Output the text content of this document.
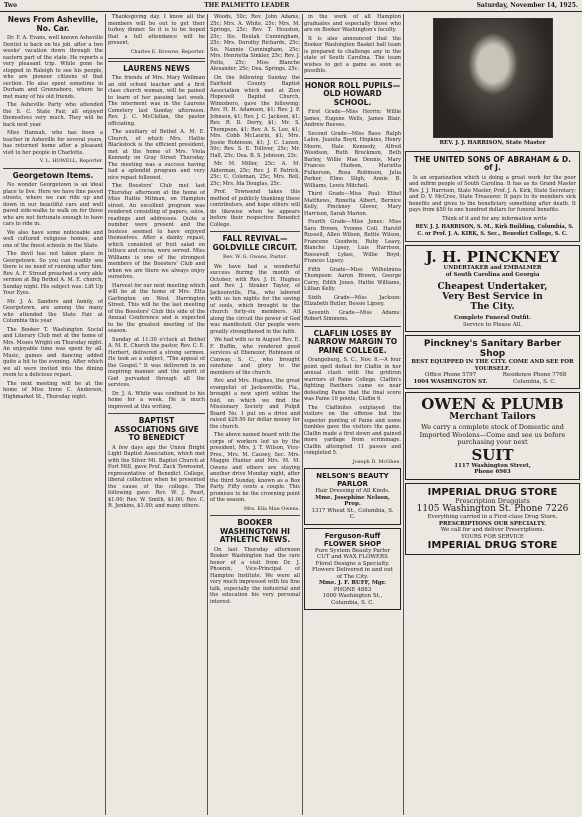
Two	THE PALMETTO LEADER	Saturday, November 14, 1925.
News From Asheville, No. Car.

Dr. F. A. Evans, well known Asheville Dentist is back on his job, after a two weeks' vacation down through the eastern part of the state. He reports a very pleasant trip. While gone he stopped in Raleigh to see his people, who are pioneer citizens of that section. He also spent sometime in Durham and Greensboro, where he met many of his old friends.

The Asheville Party who attended the S. C. State Fair, all enjoyed themselves very much. They will be back next year.

Miss Hannah, who has been a teacher in Asheville for several years, has returned home after a pleasant visit to her people in Charlotte.

V. L. HOWELL, Reporter.
Georgetown Items.

No wonder Georgetown is an ideal place to live. Here we have fine paved streets, where we can ride up and down in our beautiful cars and well paved side-walks to walk on for those who are not fortunate enough to have cars to ride in.

We also have some noticeable and well cultured religious homes, and one of the finest schools in the State.

The devil has not taken place in Georgetown. So you can readily see there is no need of running after him. Rev. A. F. Stroud preached a very able sermon at Big Bethel A. M. E. church, Sunday night. His subject was: Lift Up Your Eyes.

Mr. J. A. Sanders and family, of Georgetown, are among the many who attended the State Fair at Columbia this year.

The Booker T. Washington Social and Literary Club met at the home of Mrs. Moses Wright on Thursday night. An enjoyable time was spent by all. Music, games and dancing added quite a bit to the evening. After which we all were invited into the dining room to a delicious repast.

The next meeting will be at the home of Miss Irene C. Anderson, Highmarket St., Thursday night.

Thanksgiving day. I know all the members will be out to get their turkey dinner. So it is to be hoped that a full attendance will be present.

Charles E. Browne, Reporter.
LAURENS NEWS

The friends of Mrs. Mary Wellman an old school teacher and a first class church woman, will be pained to learn of her passing last week. The interment was in the Laurens Cemetery last Sunday afternoon. Rev. J. C. McClellan, the pastor officiating.

The auxiliary of Bethel A. M. E. Church, of which Mrs. Hattie Blackstock is the efficient president, met at the home of Mrs. Viola Kennedy on Gray Street Thursday. The meeting was a success having had a splendid program and very nice repast followed.

The Boosters' Club met last Thursday afternoon at the home of Miss Hattie Mitman, on Hampton street. An excellent program was rendered consisting of papers, solos, readings and addresses. Quite a number were present and the hostess seemed to have enjoyed themselves. After a dainty repast, which consisted of fruit salad on lettuce and cocoa, were served. Miss Williams is one of the strongest members of the Boosters' Club and when we are there we always enjoy ourselves.

Harvest for our next meeting which will be at the home of Mrs. Etta Garlington on West Harrington Street. This will be the last meeting of the Boosters' Club this side of the Annual Conference and is expected to be the greatest meeting of the season.

Sunday at 11:30 o'clock at Bethel A. M. E. Church the pastor, Rev. C. E. Herbert, delivered a strong sermon. He took as a subject, "The appeal of the Gospel." It was delivered in an inspiring manner and the spirit of God pervaded through all the services.

Dr. J. A. White was confined to his home for a week. He is much improved at this writing.

BAPTIST ASSOCIATIONS GIVE TO BENEDICT

A few days ago the Union Bright Light Baptist Association, which met with the Silver Mt. Baptist Church at Fort Mill, gave Prof. Zack Townsend, representative of Benedict College, liberal collection when he presented the cause of the college. The following gave: Rev. W. J. Pearl, $1.00; Rev. W. Smith, $1.00; Rev. C. R. Jenkins, $1.00; and many others.

Woods, 50c; Rev. John Adams, 25c; Mrs. A. White, 25c; Mrs. M. Springs, 25c; Rev. T. Houston, 25c; Sis. Beulah Cunningham, 25c; Mrs. Dorothy Richards, 25c; Sis. Nannie Cunningham, 25c; Mrs. Henrietta Sinkler, 25c; Rev. J. Potts, 25c; Miss Blanche Alexander, 25c; Dea. Springs, 25c.

On the following Sunday the Fairfield County Baptist Association which met at Zion Hopewell Baptist Church, Winnsboro, gave the following: Rev. H. H. Adamson, $1; Rev. J. P. Johnson, $1; Rev. J. C. Jackson, $1; Rev. R. D. Derry, $1; Mr. S. Thompson, $1; Rev. A. S. Lee, $1; Mrs. Cobb McLaurin, $1; Mrs. Jessie Robinson, $1; J. C. Lunen, 50c; Rev. S. E. Tolliver, 25c; Mr. Hall, 25c; Dea. B. S. Johnson, 25c.

Mr. M. Miller, 25c; A. M. Alderman, 25c; Rev. J. P. Patrick, 25c; C. Coleman, 25c; Mrs. Bell, 25c; Mrs. Ida Douglas, 25c.

Prof. Townsend takes this method of publicly thanking these contributors, and hope others will do likewise when he appears before their respective Benedict College.

FALL REVIVAL—GOLDVILLE CIRCUIT.
Rev. W. G. Owens, Pastor.

We have had a wonderful success during the month of October, with Rev. J. H. Hughes and Rev. J. Straker Taylor, of Jacksonville, Fla., who labored with us ten nights for the saving of souls, which brought to the church forty-six members. All along the circuit the power of God was manifested. Our people were greatly strengthened in the faith.

We had with us in August Rev. E. F. Buffin, who rendered good services at Ebenezer, Robinson of Conway, S. C., who brought sunshine and glory to the members of the church.

Rev. and Mrs. Hughes, the great evangelist of Jacksonville, Fla., brought a new spirit within the fold, on which we find the Missionary Society and Pulpit Board No. 1 put on a drive and raised $29.50 for dollar money for the church.

The above named board with the corps of workers led us by the president, Mrs. J. T. Wilson, Vice-Pres., Mrs. M. Causey, Sec. Mrs. Maggie Hunter and Mrs. M. M. Owens and others are staying another drive Monday night, after the third Sunday, known as a Box Party. Fifty cents a couple. This promises to be the crowning point of the season.

Mrs. Ella Mae Owens.
BOOKER WASHINGTON HI ATHLETIC NEWS.

On last Thursday afternoon Booker Washington had the rare honor of a visit from Dr. J. Phoenix, Vice-Principal of Hampton Institute. We were all very much impressed with his fine talk, especially the industrial and the education his very personal interest.

in the work of all Hampton graduates and especially those who are on Booker Washington's faculty.

It is also announced that the Booker Washington Basket ball team is prepared to challenge any in the state of South Carolina. The team wishes to get a game as soon as possible.

HONOR ROLL PUPILS—OLD HOWARD SCHOOL.

First Grade—Miss Herrin: Willie James, Eugene Wells, James Blair, Andrew Reeves.

Second Grade—Miss Bass: Ralph Lafon, Juanita Boyd, Hopkins, Henry Moore, Hale Kennedy, Alfred Woodson, Ruth Brockmon, Beth Barley, Willie Mae Dennis, Mary Frances Hudson, Marietta Fulkerson, Rosa Robinson, Julia Parker, Elmo Sligh, Annie B. Williams, Lewis Mitchell.

Third Grade—Miss Paul: Ethel Matthews, Ronetta Albert, Bernice Kelly, Pinckney Glover, Mary Harrison, Sarah Marion.

Fourth Grade—Miss Jones: Miss Sara Brown, Yvonne Coll, Harold Russell, Allen Wilson, Bettie Wilson, Francene Goodwin, Ruby Leavy, Blanche Lipsey, Luis Harrison, Roosevelt Lykes, Willie Boyd, Frances Lipsey.

Fifth Grade—Miss Wilhelmina Thompson: Aaron Brown, George Carry, Edith Jones, Hattie Williams, Lillian Kelly.

Sixth Grade—Miss Jackson: Elizabeth Butler, Bessie Lipsey.

Seventh Grade—Miss Adams: Robert Simmons.

CLAFLIN LOSES BY NARROW MARGIN TO PAINE COLLEGE.

Orangeburg, S. C., Nov. 8.—A four point spell defeat for Claflin in her annual clash with the gridiron warriors of Paine College. Claflin's fighting Panthers came so near defeating Paine that the final score was Paine 10 points, Claflin 6.

The Claflinites outplayed the visitors on the offense but the superior punting of Paine and some fumbles gave the visitors the game. Claflin made a first down and gained more yardage from scrimmage. Claflin attempted 11 passes and completed 5.

Joseph D. McGhee.
NELSON'S BEAUTY PARLOR
Hair Dressing of All Kinds.
Mme. Josephine Nelson, Prop.
1317 Wheat St., Columbia, S. C.
Ferguson-Ruff FLOWER SHOP
Pure System Beauty Parlor CUT and WAX FLOWERS Floral Designs a Specialty.
Flowers Delivered in and out of The City.
Mme. J. F. RUFF, Mgr.
PHONE 4883
1000 Washington St., Columbia, S. C.
REV. J. J. HARRISON, State Master
THE UNITED SONS OF ABRAHAM & D. of J.

Is an organization which is doing a great work for the poor and infirm people of South Carolina. It has as its Grand Master Rev. J. J. Harrison, State Master, Prof. J. A. Kirk, State Secretary; and D. V. McCree, State Treasurer. It pays to its members sick benefits and gives to the beneficiary something after death. It pays from $50 to one hundred dollars for funeral benefits.

Think of it and for any information write

REV. J. J. HARRISON, S. M., Kirk Building, Columbia, S. C. or Prof. J. A. KIRK, S. Sec., Benedict College, S. C.

J. H. PINCKNEY
UNDERTAKER and EMBALMER
of South Carolina and Georgia
Cheapest Undertaker,
Very Best Service in
The City.
Complete Funeral Outfit.
Service to Please All.
Pinckney's Sanitary Barber Shop
BEST EQUIPPED IN THE CITY. COME AND SEE FOR YOURSELF.
Office Phone 5797	Residence Phone 7768
1004 WASHINGTON ST.	Columbia, S. C.
OWEN & PLUMB
Merchant Tailors
We carry a complete stock of Domestic and Imported Woolens—Come and see us before purchasing your next
SUIT
1117 Washington Street,
Phone 6963
IMPERIAL DRUG STORE
Prescription Druggists
1105 Washington St. Phone 7226
Everything carried in a First-class Drug Store.
PRESCRIPTIONS OUR SPECIALTY.
We call for and deliver Prescriptions.
YOURS FOR SERVICE
IMPERIAL DRUG STORE
